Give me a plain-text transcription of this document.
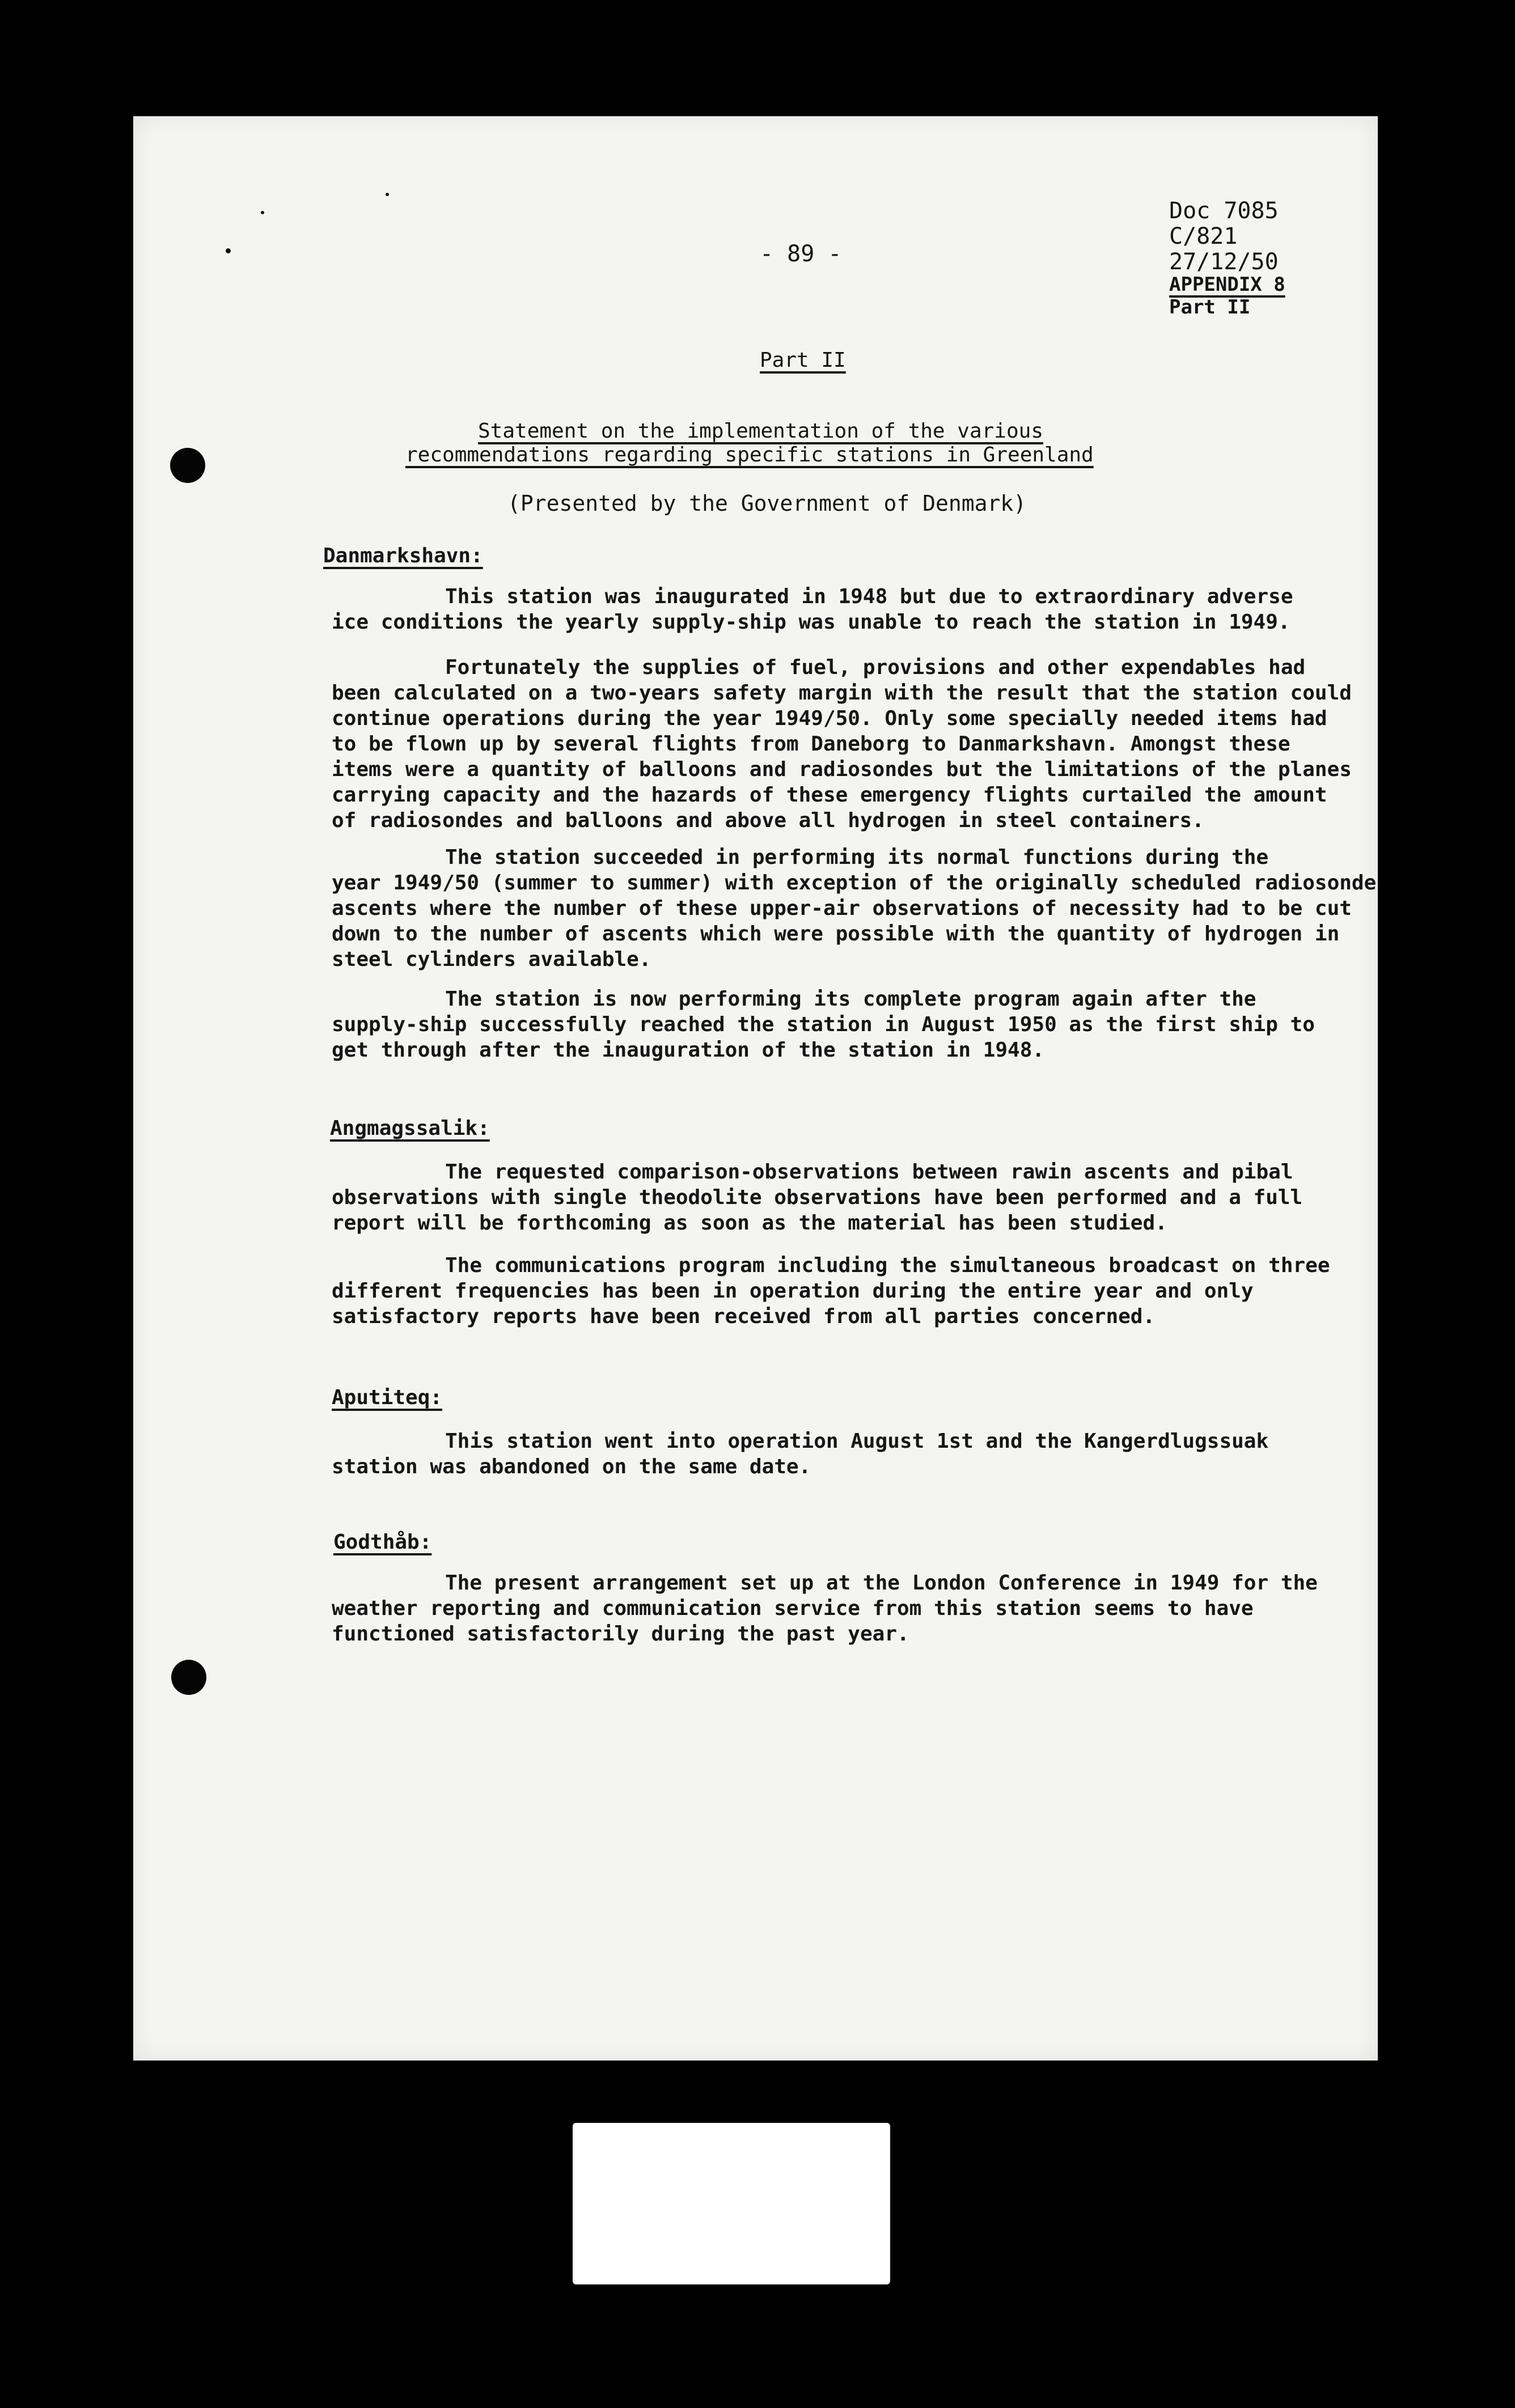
- 89 -
Doc 7085
C/821
27/12/50
APPENDIX 8
Part II
Part II
Statement on the implementation of the various
recommendations regarding specific stations in Greenland
(Presented by the Government of Denmark)
Danmarkshavn:
This station was inaugurated in 1948 but due to extraordinary adverse
ice conditions the yearly supply-ship was unable to reach the station in 1949.
Fortunately the supplies of fuel, provisions and other expendables had
been calculated on a two-years safety margin with the result that the station could
continue operations during the year 1949/50. Only some specially needed items had
to be flown up by several flights from Daneborg to Danmarkshavn. Amongst these
items were a quantity of balloons and radiosondes but the limitations of the planes
carrying capacity and the hazards of these emergency flights curtailed the amount
of radiosondes and balloons and above all hydrogen in steel containers.
The station succeeded in performing its normal functions during the
year 1949/50 (summer to summer) with exception of the originally scheduled radiosonde
ascents where the number of these upper-air observations of necessity had to be cut
down to the number of ascents which were possible with the quantity of hydrogen in
steel cylinders available.
The station is now performing its complete program again after the
supply-ship successfully reached the station in August 1950 as the first ship to
get through after the inauguration of the station in 1948.
Angmagssalik:
The requested comparison-observations between rawin ascents and pibal
observations with single theodolite observations have been performed and a full
report will be forthcoming as soon as the material has been studied.
The communications program including the simultaneous broadcast on three
different frequencies has been in operation during the entire year and only
satisfactory reports have been received from all parties concerned.
Aputiteq:
This station went into operation August 1st and the Kangerdlugssuak
station was abandoned on the same date.
Godthåb:
The present arrangement set up at the London Conference in 1949 for the
weather reporting and communication service from this station seems to have
functioned satisfactorily during the past year.
